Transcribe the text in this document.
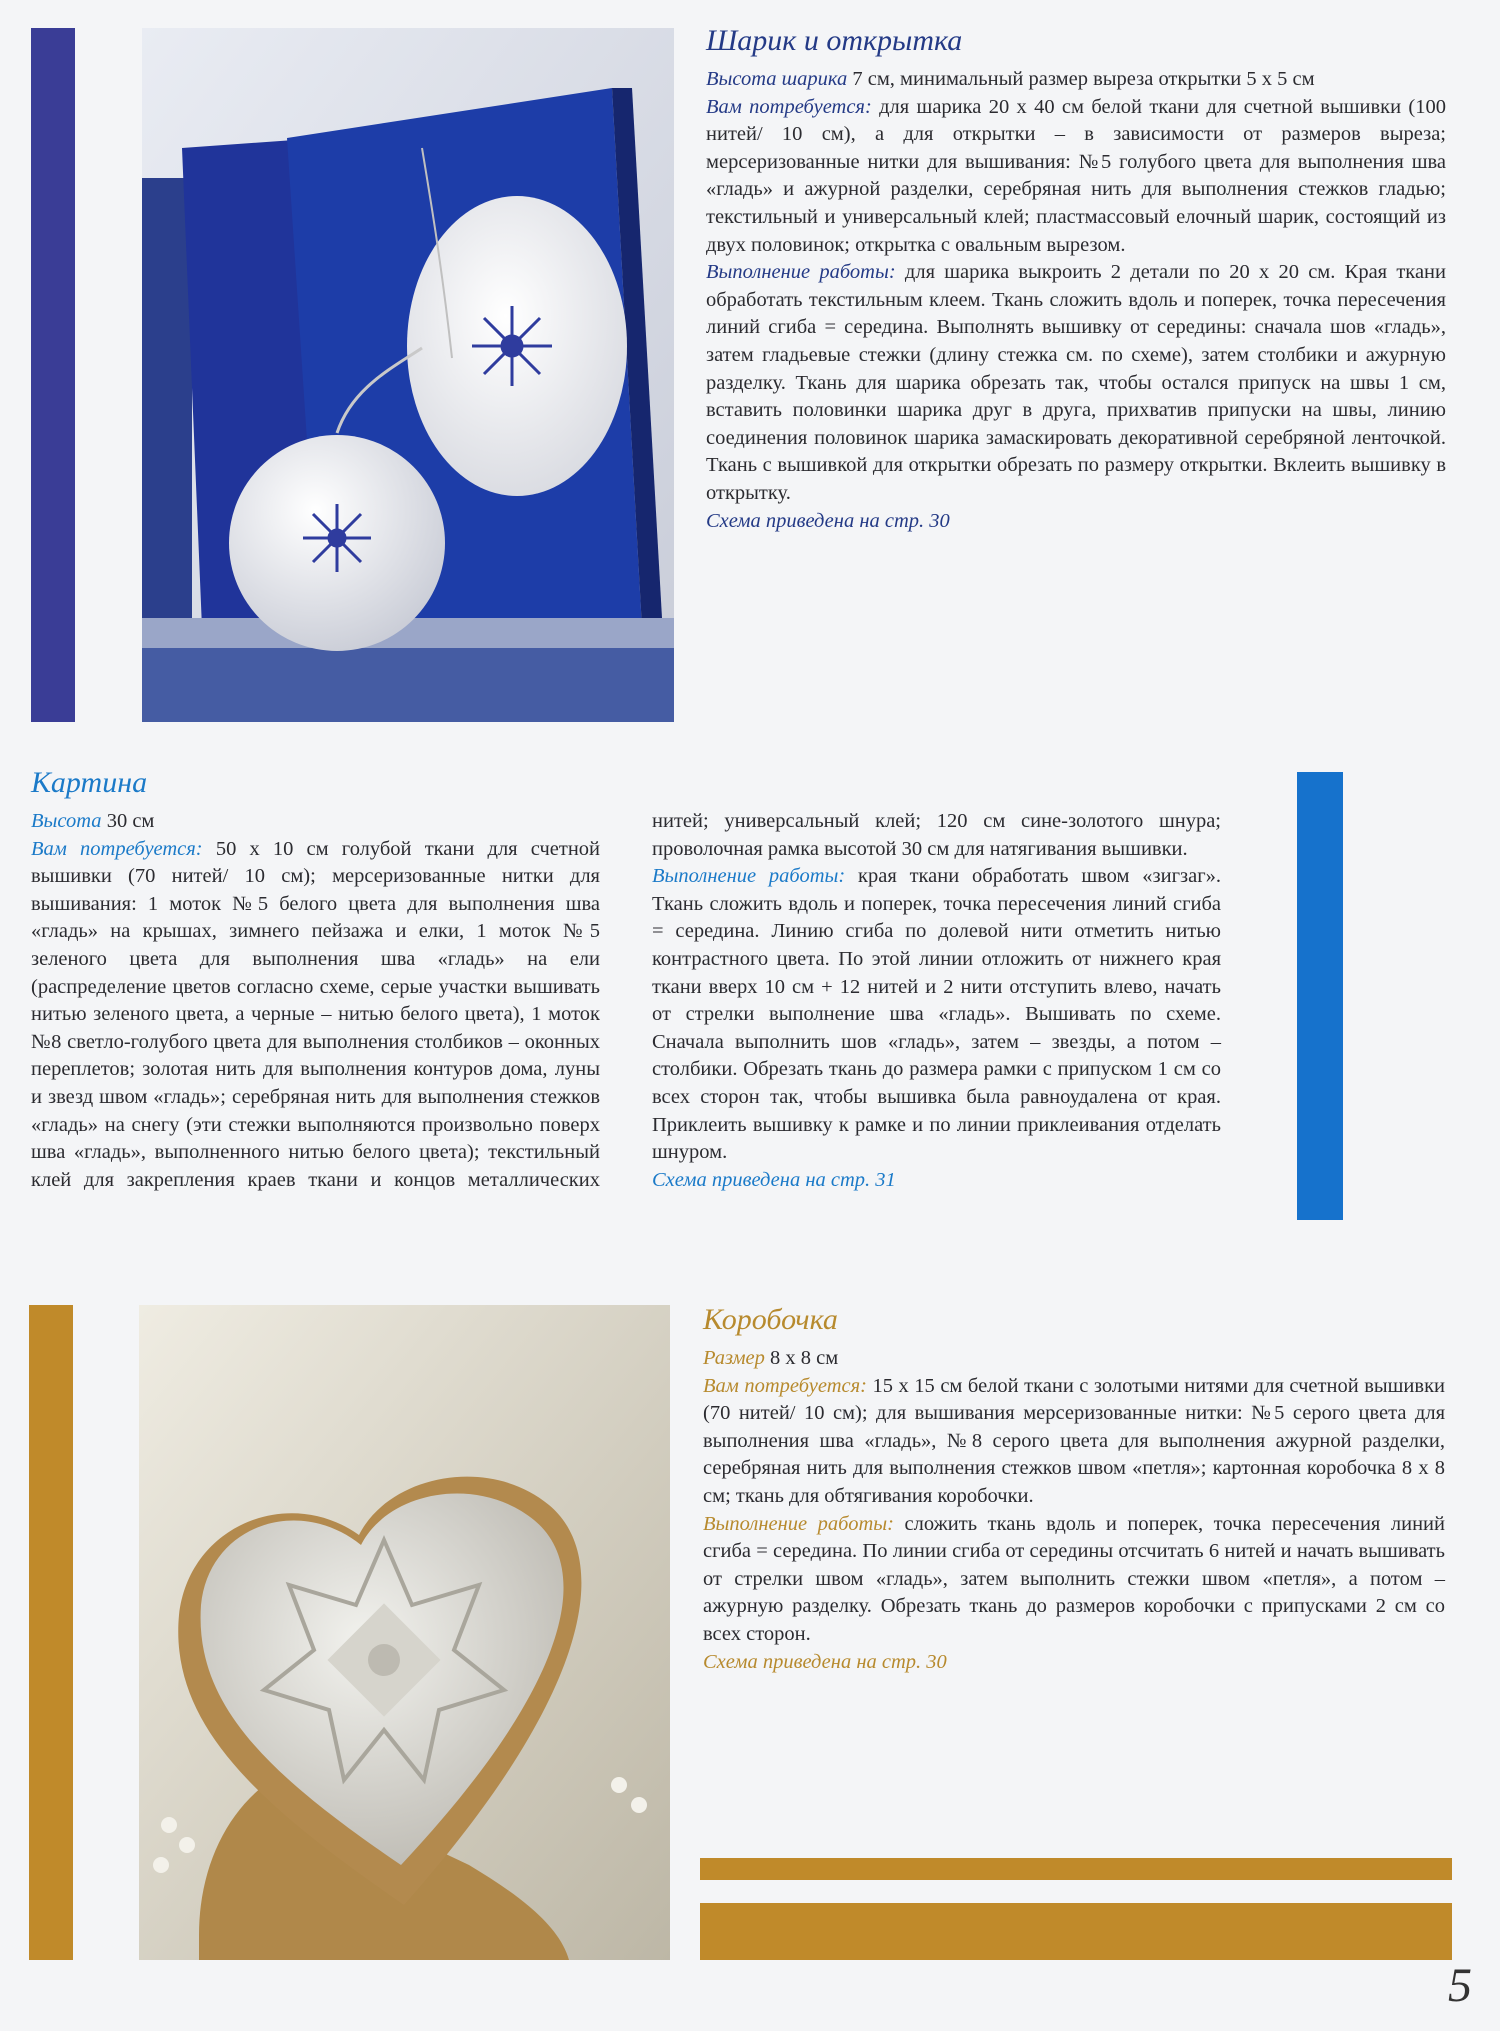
Шарик и открытка

Высота шарика 7 см, минимальный размер выреза открытки 5 х 5 см

Вам потребуется: для шарика 20 х 40 см белой ткани для счетной вышивки (100 нитей/ 10 см), а для открытки – в зависимости от размеров выреза; мерсеризованные нитки для вышивания: №5 голубого цвета для выполнения шва «гладь» и ажурной разделки, серебряная нить для выполнения стежков гладью; текстильный и универсальный клей; пластмассовый елочный шарик, состоящий из двух половинок; открытка с овальным вырезом.

Выполнение работы: для шарика выкроить 2 детали по 20 х 20 см. Края ткани обработать текстильным клеем. Ткань сложить вдоль и поперек, точка пересечения линий сгиба = середина. Выполнять вышивку от середины: сначала шов «гладь», затем гладьевые стежки (длину стежка см. по схеме), затем столбики и ажурную разделку. Ткань для шарика обрезать так, чтобы остался припуск на швы 1 см, вставить половинки шарика друг в друга, прихватив припуски на швы, линию соединения половинок шарика замаскировать декоративной серебряной ленточкой. Ткань с вышивкой для открытки обрезать по размеру открытки. Вклеить вышивку в открытку.

Схема приведена на стр. 30
Картина

Высота 30 см

Вам потребуется: 50 х 10 см голубой ткани для счетной вышивки (70 нитей/ 10 см); мерсеризованные нитки для вышивания: 1 моток №5 белого цвета для выполнения шва «гладь» на крышах, зимнего пейзажа и елки, 1 моток №5 зеленого цвета для выполнения шва «гладь» на ели (распределение цветов согласно схеме, серые участки вышивать нитью зеленого цвета, а черные – нитью белого цвета), 1 моток №8 светло-голубого цвета для выполнения столбиков – оконных переплетов; золотая нить для выполнения контуров дома, луны и звезд швом «гладь»; серебряная нить для выполнения стежков «гладь» на снегу (эти стежки выполняются произвольно поверх шва «гладь», выполненного нитью белого цвета); текстильный клей для закрепления краев ткани и концов металлических нитей; универсальный клей; 120 см сине-золотого шнура; проволочная рамка высотой 30 см для натягивания вышивки.

Выполнение работы: края ткани обработать швом «зигзаг». Ткань сложить вдоль и поперек, точка пересечения линий сгиба = середина. Линию сгиба по долевой нити отметить нитью контрастного цвета. По этой линии отложить от нижнего края ткани вверх 10 см + 12 нитей и 2 нити отступить влево, начать от стрелки выполнение шва «гладь». Вышивать по схеме. Сначала выполнить шов «гладь», затем – звезды, а потом – столбики. Обрезать ткань до размера рамки с припуском 1 см со всех сторон так, чтобы вышивка была равноудалена от края. Приклеить вышивку к рамке и по линии приклеивания отделать шнуром.

Схема приведена на стр. 31
Коробочка

Размер 8 х 8 см

Вам потребуется: 15 х 15 см белой ткани с золотыми нитями для счетной вышивки (70 нитей/ 10 см); для вышивания мерсеризованные нитки: №5 серого цвета для выполнения шва «гладь», №8 серого цвета для выполнения ажурной разделки, серебряная нить для выполнения стежков швом «петля»; картонная коробочка 8 х 8 см; ткань для обтягивания коробочки.

Выполнение работы: сложить ткань вдоль и поперек, точка пересечения линий сгиба = середина. По линии сгиба от середины отсчитать 6 нитей и начать вышивать от стрелки швом «гладь», затем выполнить стежки швом «петля», а потом – ажурную разделку. Обрезать ткань до размеров коробочки с припусками 2 см со всех сторон.

Схема приведена на стр. 30
5
